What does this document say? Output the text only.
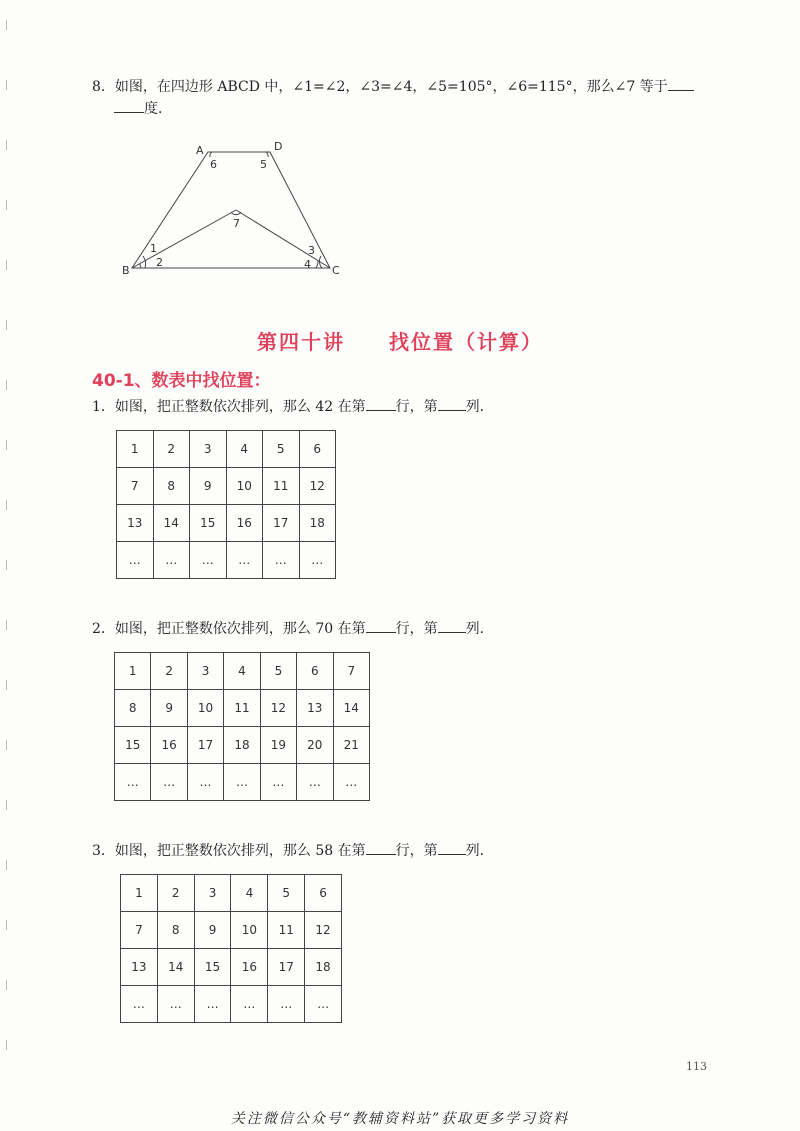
8．如图，在四边形 ABCD 中，∠1=∠2，∠3=∠4，∠5=105°，∠6=115°，那么∠7 等于
度．
A	D
B	C
6	5
7
1
2
3
4
第四十讲 找位置（计算）
40-1、数表中找位置：
1．如图，把正整数依次排列，那么 42 在第 行，第 列．
1	2	3	4	5	6
7	8	9	10	11	12
13	14	15	16	17	18
…	…	…	…	…	…
2．如图，把正整数依次排列，那么 70 在第 行，第 列．
1	2	3	4	5	6	7
8	9	10	11	12	13	14
15	16	17	18	19	20	21
…	…	…	…	…	…	…
3．如图，把正整数依次排列，那么 58 在第 行，第 列．
1	2	3	4	5	6
7	8	9	10	11	12
13	14	15	16	17	18
…	…	…	…	…	…
113
关注微信公众号“教辅资料站”获取更多学习资料
